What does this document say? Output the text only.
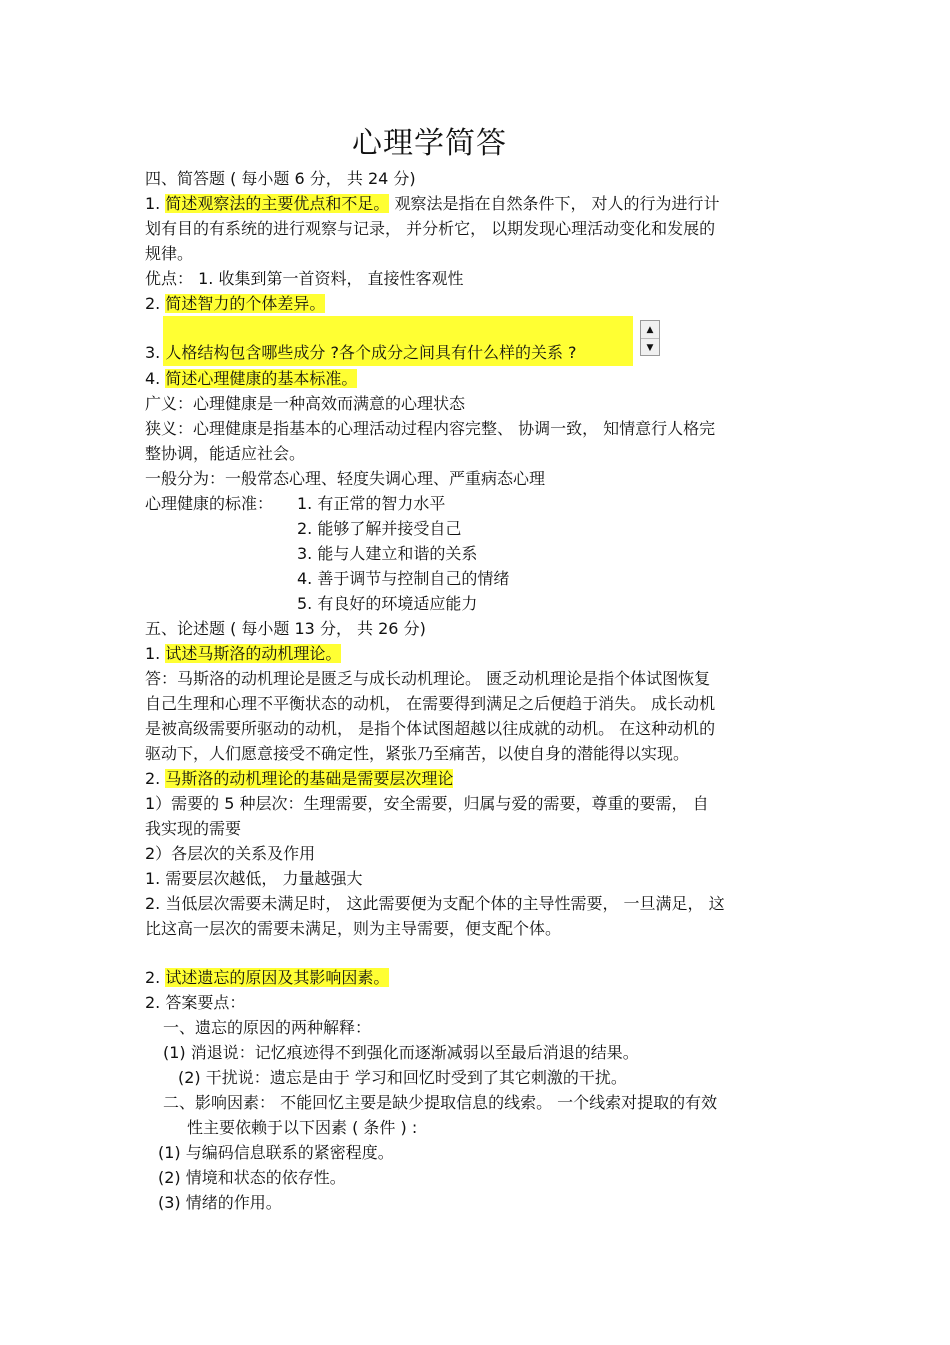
心理学简答
四、简答题 ( 每小题 6 分， 共 24 分)
1. 简述观察法的主要优点和不足。 观察法是指在自然条件下， 对人的行为进行计
划有目的有系统的进行观察与记录， 并分析它， 以期发现心理活动变化和发展的
规律。
优点： 1. 收集到第一首资料， 直接性客观性
2. 简述智力的个体差异。
3. 人格结构包含哪些成分 ?各个成分之间具有什么样的关系 ?
▲
▼
4. 简述心理健康的基本标准。
广义：心理健康是一种高效而满意的心理状态
狭义：心理健康是指基本的心理活动过程内容完整、 协调一致， 知情意行人格完
整协调，能适应社会。
一般分为：一般常态心理、轻度失调心理、严重病态心理
心理健康的标准： 1. 有正常的智力水平
2. 能够了解并接受自己
3. 能与人建立和谐的关系
4. 善于调节与控制自己的情绪
5. 有良好的环境适应能力
五、论述题 ( 每小题 13 分， 共 26 分)
1. 试述马斯洛的动机理论。
答：马斯洛的动机理论是匮乏与成长动机理论。 匮乏动机理论是指个体试图恢复
自己生理和心理不平衡状态的动机， 在需要得到满足之后便趋于消失。 成长动机
是被高级需要所驱动的动机， 是指个体试图超越以往成就的动机。 在这种动机的
驱动下，人们愿意接受不确定性，紧张乃至痛苦，以使自身的潜能得以实现。
2. 马斯洛的动机理论的基础是需要层次理论
1）需要的 5 种层次：生理需要，安全需要，归属与爱的需要，尊重的要需， 自
我实现的需要
2）各层次的关系及作用
1. 需要层次越低， 力量越强大
2. 当低层次需要未满足时， 这此需要便为支配个体的主导性需要， 一旦满足， 这
比这高一层次的需要未满足，则为主导需要，便支配个体。
2. 试述遗忘的原因及其影响因素。
2. 答案要点：
一、遗忘的原因的两种解释：
(1) 消退说：记忆痕迹得不到强化而逐渐减弱以至最后消退的结果。
(2) 干扰说：遗忘是由于 学习和回忆时受到了其它刺激的干扰。
二、影响因素： 不能回忆主要是缺少提取信息的线索。 一个线索对提取的有效
性主要依赖于以下因素 ( 条件 ) :
(1) 与编码信息联系的紧密程度。
(2) 情境和状态的依存性。
(3) 情绪的作用。
